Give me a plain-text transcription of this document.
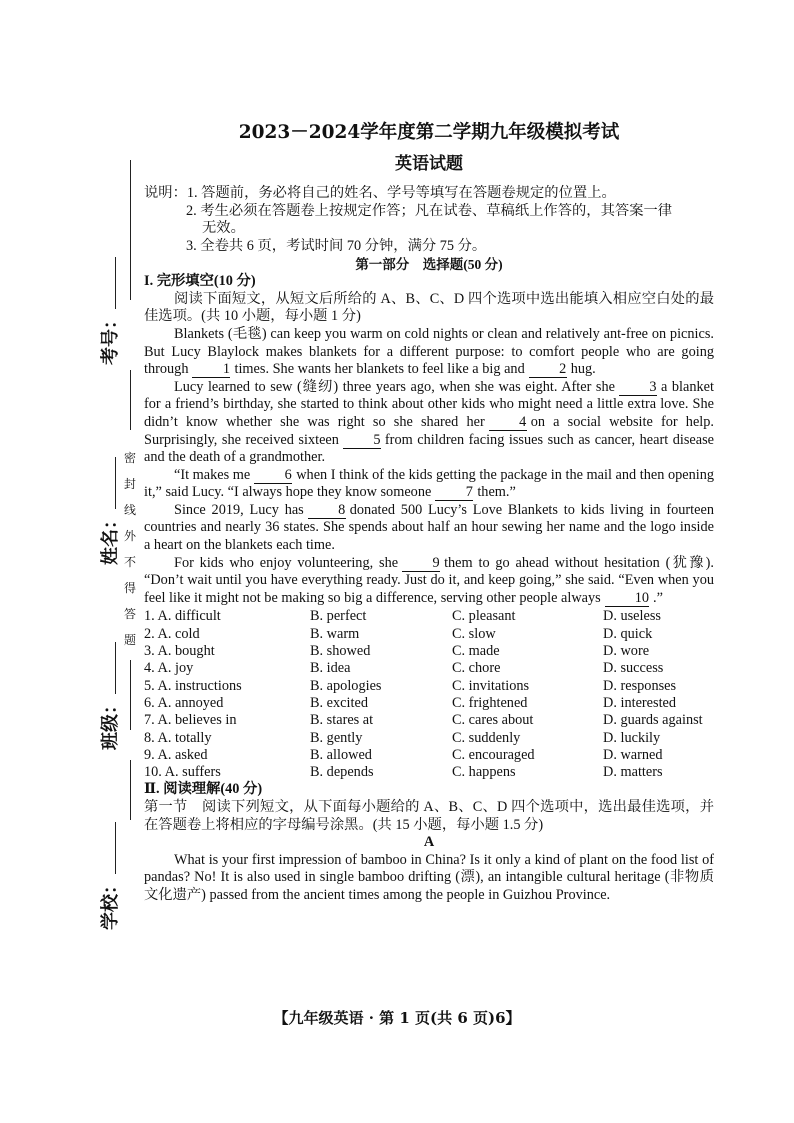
考号：
密
封
线
外
不
得
答
题
姓名：
班级：
学校：
2023－2024学年度第二学期九年级模拟考试
英语试题

说明：1. 答题前，务必将自己的姓名、学号等填写在答题卷规定的位置上。

2. 考生必须在答题卷上按规定作答；凡在试卷、草稿纸上作答的，其答案一律

无效。

3. 全卷共 6 页，考试时间 70 分钟，满分 75 分。

第一部分　选择题(50 分)
I. 完形填空(10 分)

阅读下面短文，从短文后所给的 A、B、C、D 四个选项中选出能填入相应空白处的最佳选项。(共 10 小题，每小题 1 分)

Blankets (毛毯) can keep you warm on cold nights or clean and relatively ant-free on picnics. But Lucy Blaylock makes blankets for a different purpose: to comfort people who are going through 1 times. She wants her blankets to feel like a big and 2 hug.

Lucy learned to sew (缝纫) three years ago, when she was eight. After she 3 a blanket for a friend’s birthday, she started to think about other kids who might need a little extra love. She didn’t know whether she was right so she shared her 4 on a social website for help. Surprisingly, she received sixteen 5 from children facing issues such as cancer, heart disease and the death of a grandmother.

“It makes me 6 when I think of the kids getting the package in the mail and then opening it,” said Lucy. “I always hope they know someone 7 them.”

Since 2019, Lucy has 8 donated 500 Lucy’s Love Blankets to kids living in fourteen countries and nearly 36 states. She spends about half an hour sewing her name and the logo inside a heart on the blankets each time.

For kids who enjoy volunteering, she 9 them to go ahead without hesitation (犹豫). “Don’t wait until you have everything ready. Just do it, and keep going,” she said. “Even when you feel like it might not be making so big a difference, serving other people always 10 .”

1. A. difficult	B. perfect	C. pleasant	D. useless
2. A. cold	B. warm	C. slow	D. quick
3. A. bought	B. showed	C. made	D. wore
4. A. joy	B. idea	C. chore	D. success
5. A. instructions	B. apologies	C. invitations	D. responses
6. A. annoyed	B. excited	C. frightened	D. interested
7. A. believes in	B. stares at	C. cares about	D. guards against
8. A. totally	B. gently	C. suddenly	D. luckily
9. A. asked	B. allowed	C. encouraged	D. warned
10. A. suffers	B. depends	C. happens	D. matters
Ⅱ. 阅读理解(40 分)

第一节　阅读下列短文，从下面每小题给的 A、B、C、D 四个选项中，选出最佳选项，并在答题卷上将相应的字母编号涂黑。(共 15 小题，每小题 1.5 分)

A

What is your first impression of bamboo in China? Is it only a kind of plant on the food list of pandas? No! It is also used in single bamboo drifting (漂), an intangible cultural heritage (非物质文化遗产) passed from the ancient times among the people in Guizhou Province.

【九年级英语 · 第 1 页(共 6 页)6】
